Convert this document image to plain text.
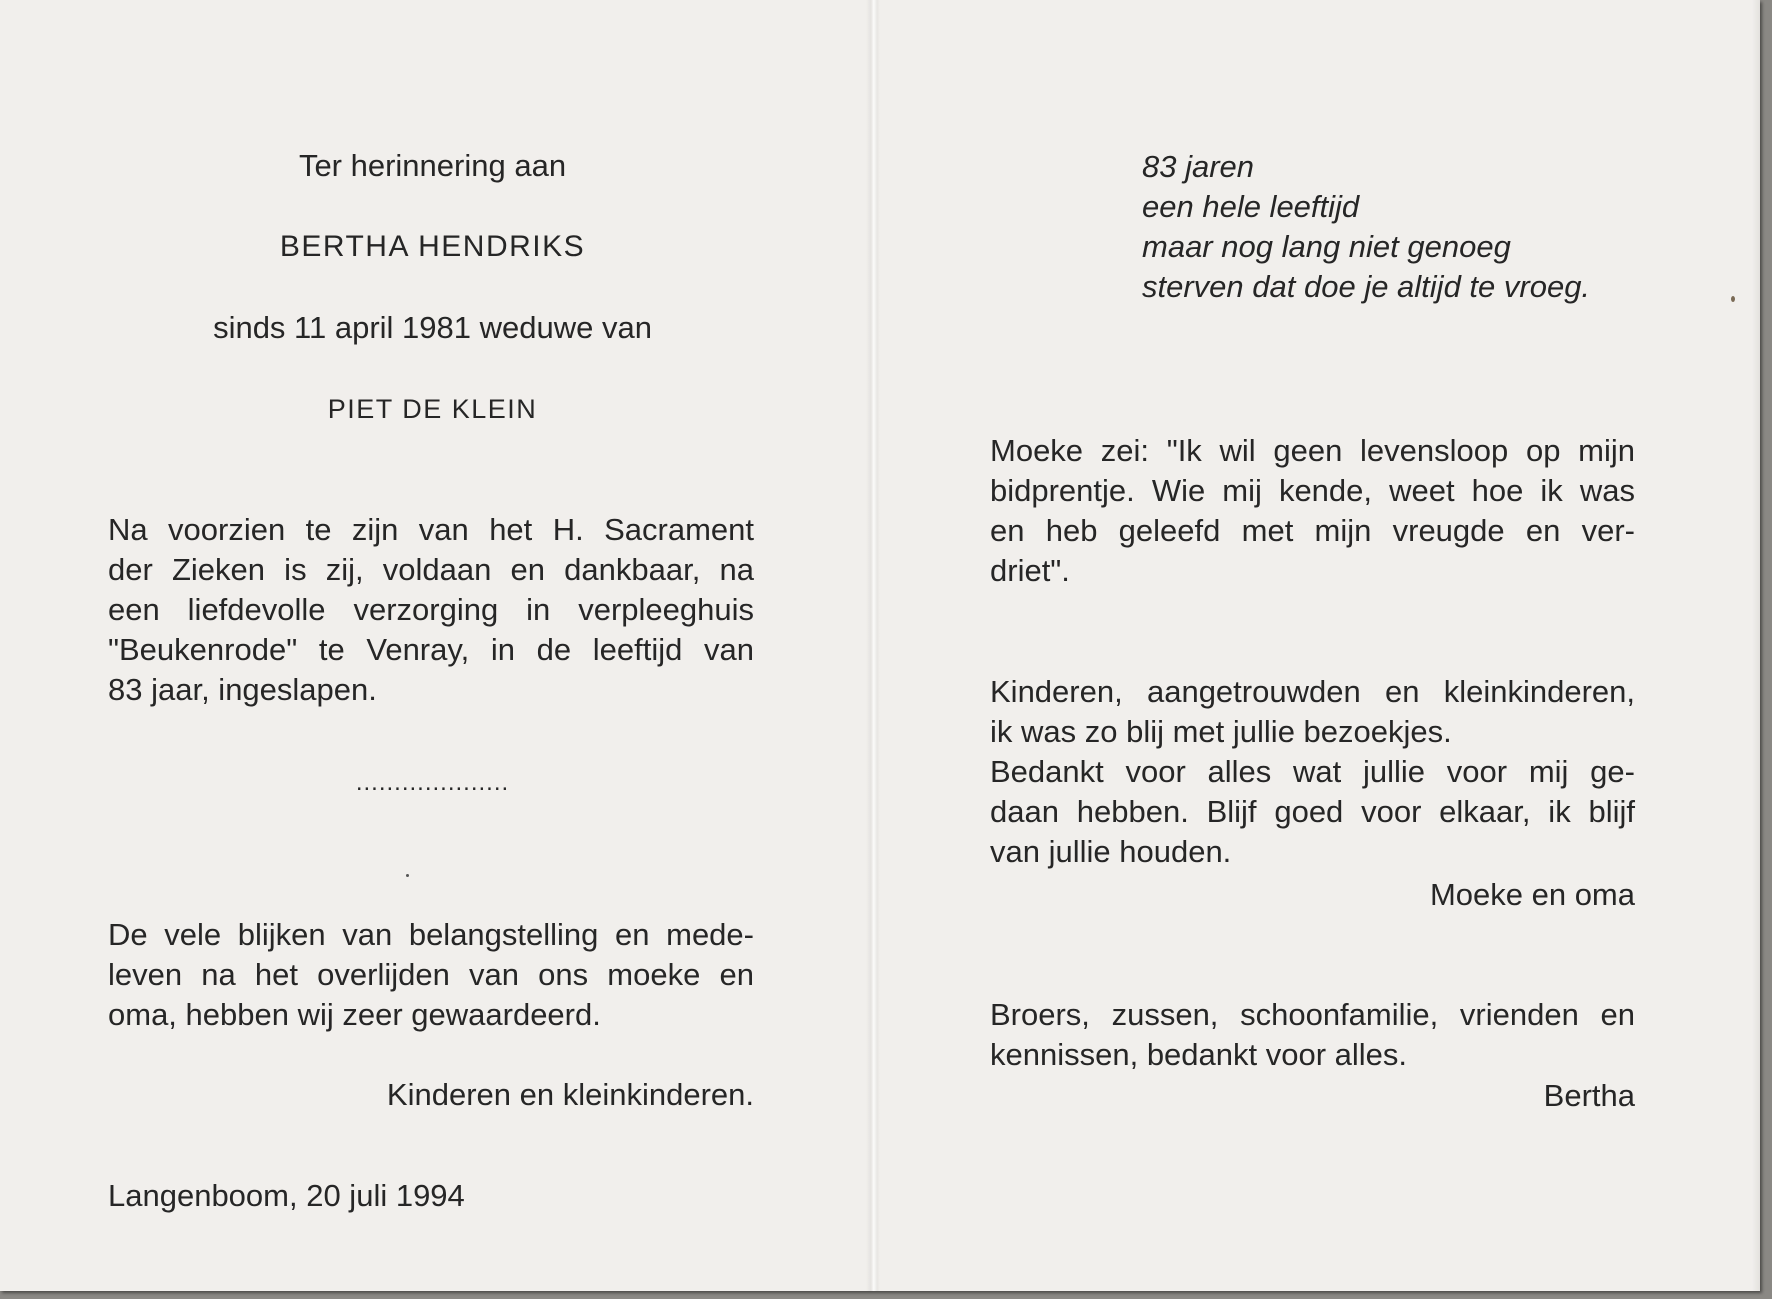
Ter herinnering aan

BERTHA HENDRIKS

sinds 11 april 1981 weduwe van

PIET DE KLEIN

Na voorzien te zijn van het H. Sacrament
der Zieken is zij, voldaan en dankbaar, na
een liefdevolle verzorging in verpleeghuis
"Beukenrode" te Venray, in de leeftijd van
83 jaar, ingeslapen.

....................

De vele blijken van belangstelling en mede-
leven na het overlijden van ons moeke en
oma, hebben wij zeer gewaardeerd.

Kinderen en kleinkinderen.

Langenboom, 20 juli 1994

83 jaren

een hele leeftijd

maar nog lang niet genoeg

sterven dat doe je altijd te vroeg.

Moeke zei: "Ik wil geen levensloop op mijn
bidprentje. Wie mij kende, weet hoe ik was
en heb geleefd met mijn vreugde en ver-
driet".
Kinderen, aangetrouwden en kleinkinderen,
ik was zo blij met jullie bezoekjes.
Bedankt voor alles wat jullie voor mij ge-
daan hebben. Blijf goed voor elkaar, ik blijf
van jullie houden.

Moeke en oma

Broers, zussen, schoonfamilie, vrienden en
kennissen, bedankt voor alles.

Bertha
